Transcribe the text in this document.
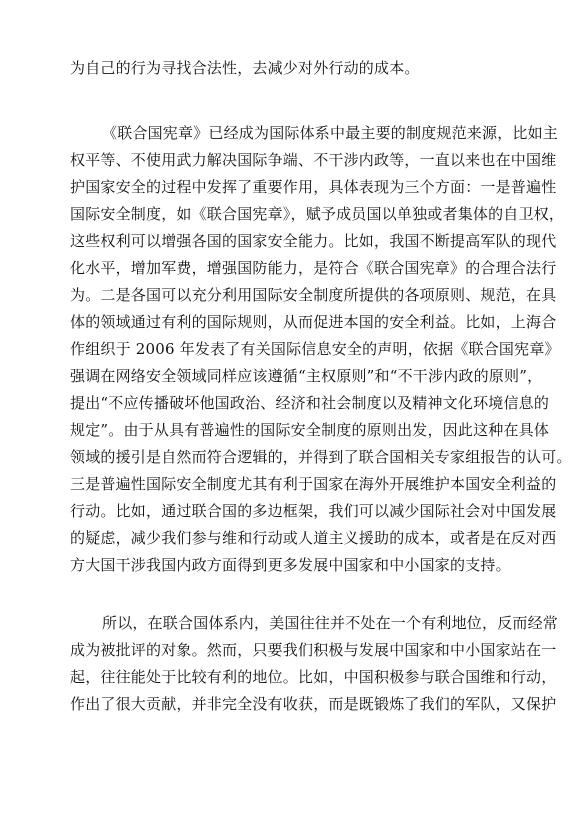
为自己的行为寻找合法性，去减少对外行动的成本。
《联合国宪章》已经成为国际体系中最主要的制度规范来源，比如主
权平等、不使用武力解决国际争端、不干涉内政等，一直以来也在中国维
护国家安全的过程中发挥了重要作用，具体表现为三个方面：一是普遍性
国际安全制度，如《联合国宪章》，赋予成员国以单独或者集体的自卫权，
这些权利可以增强各国的国家安全能力。比如，我国不断提高军队的现代
化水平，增加军费，增强国防能力，是符合《联合国宪章》的合理合法行
为。二是各国可以充分利用国际安全制度所提供的各项原则、规范，在具
体的领域通过有利的国际规则，从而促进本国的安全利益。比如，上海合
作组织于 2006 年发表了有关国际信息安全的声明，依据《联合国宪章》
强调在网络安全领域同样应该遵循“主权原则”和“不干涉内政的原则”，
提出“不应传播破坏他国政治、经济和社会制度以及精神文化环境信息的
规定”。由于从具有普遍性的国际安全制度的原则出发，因此这种在具体
领域的援引是自然而符合逻辑的，并得到了联合国相关专家组报告的认可。
三是普遍性国际安全制度尤其有利于国家在海外开展维护本国安全利益的
行动。比如，通过联合国的多边框架，我们可以减少国际社会对中国发展
的疑虑，减少我们参与维和行动或人道主义援助的成本，或者是在反对西
方大国干涉我国内政方面得到更多发展中国家和中小国家的支持。
所以，在联合国体系内，美国往往并不处在一个有利地位，反而经常
成为被批评的对象。然而，只要我们积极与发展中国家和中小国家站在一
起，往往能处于比较有利的地位。比如，中国积极参与联合国维和行动，
作出了很大贡献，并非完全没有收获，而是既锻炼了我们的军队，又保护
